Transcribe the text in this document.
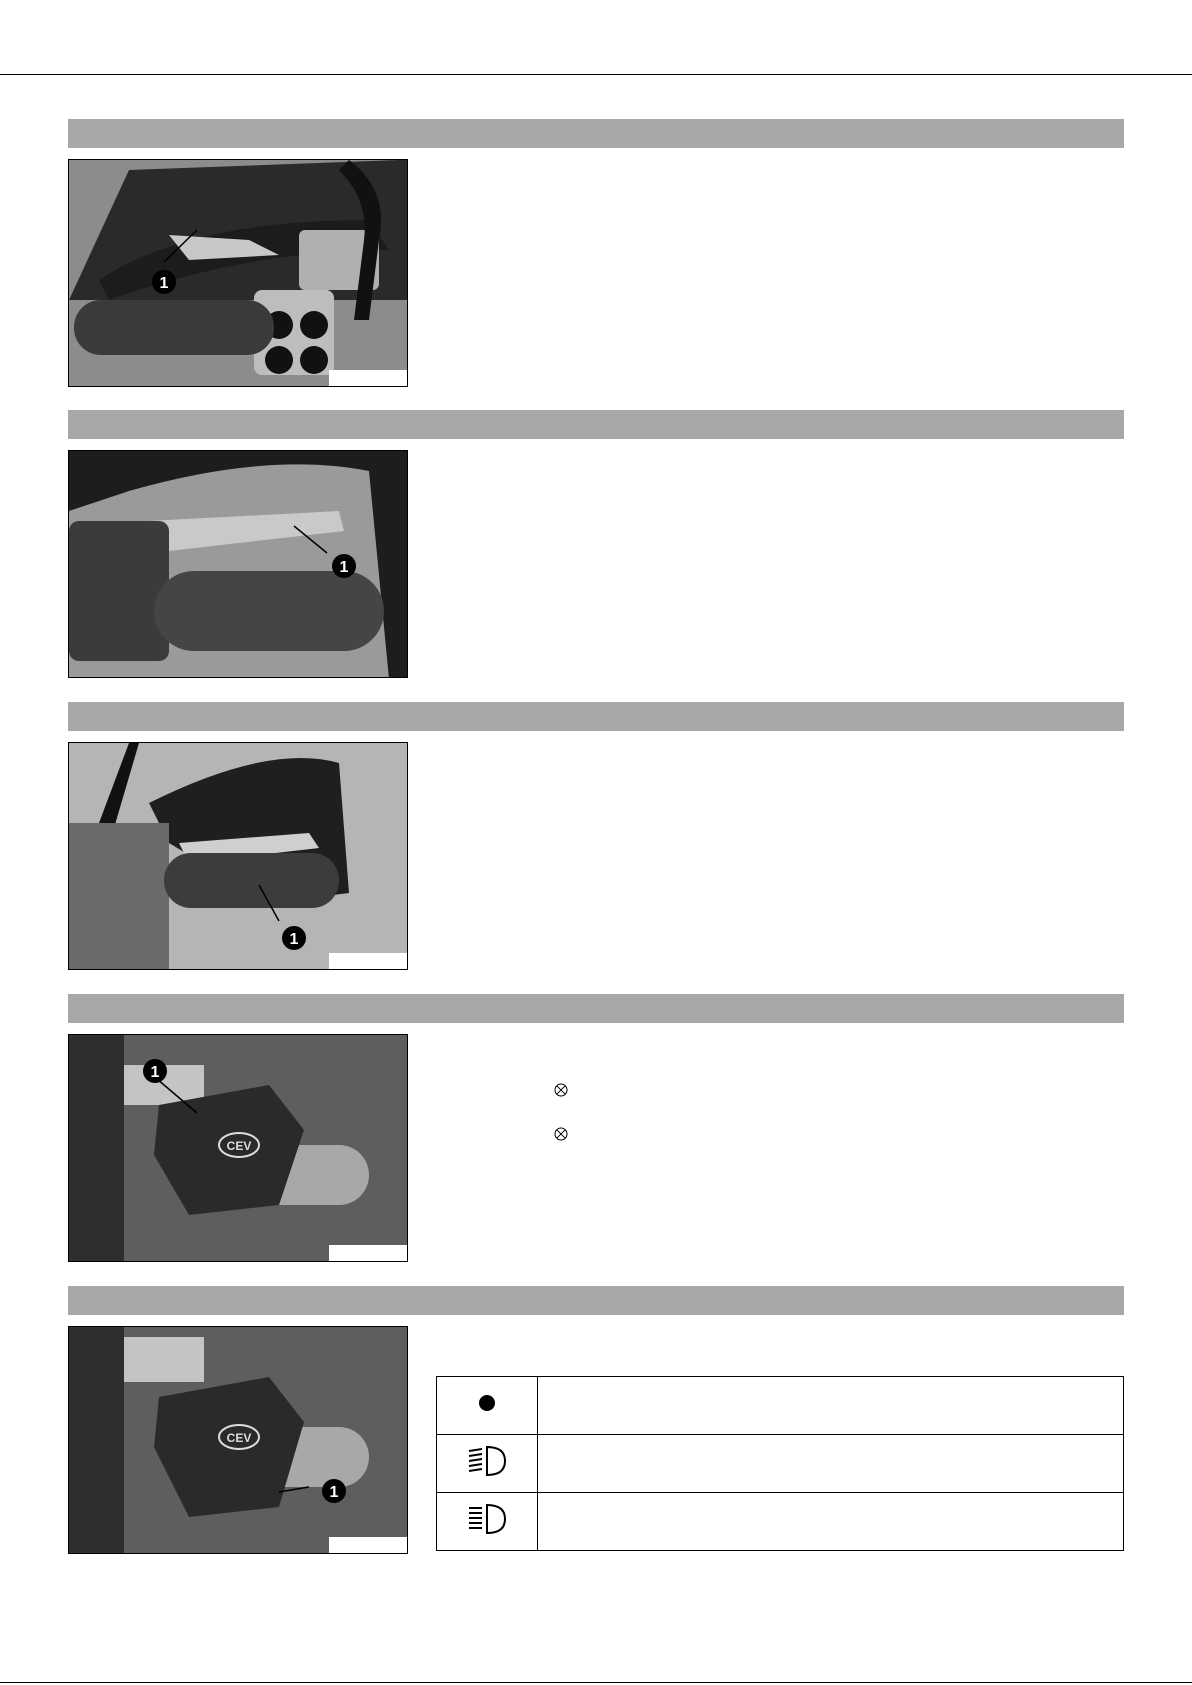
1
1
1
CEV
1
CEV
1
